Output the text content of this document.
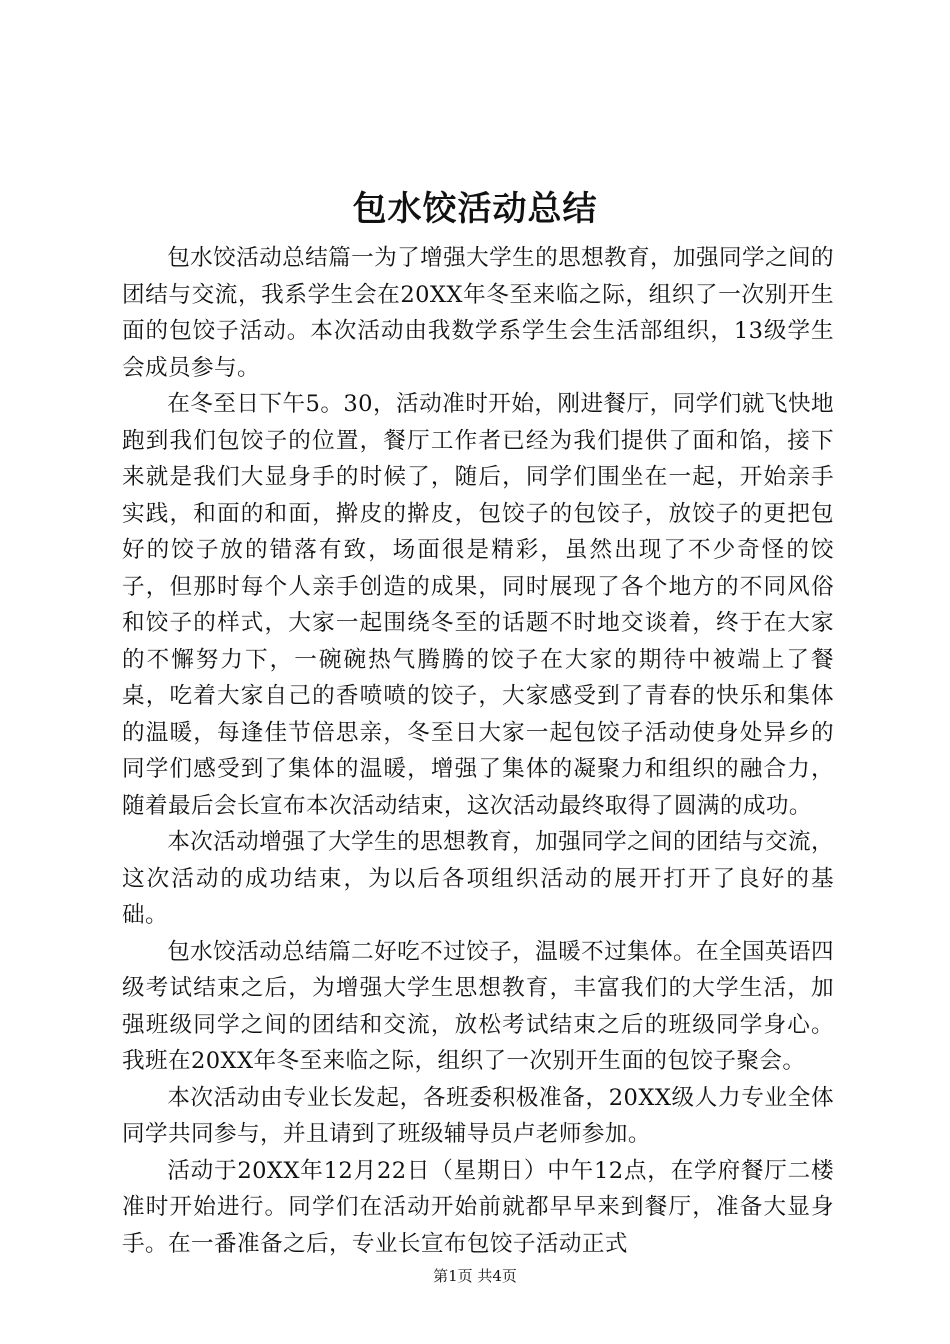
包水饺活动总结

包水饺活动总结篇一为了增强大学生的思想教育，加强同学之间的团结与交流，我系学生会在20XX年冬至来临之际，组织了一次别开生面的包饺子活动。本次活动由我数学系学生会生活部组织，13级学生会成员参与。

在冬至日下午5。30，活动准时开始，刚进餐厅，同学们就飞快地跑到我们包饺子的位置，餐厅工作者已经为我们提供了面和馅，接下来就是我们大显身手的时候了，随后，同学们围坐在一起，开始亲手实践，和面的和面，擀皮的擀皮，包饺子的包饺子，放饺子的更把包好的饺子放的错落有致，场面很是精彩，虽然出现了不少奇怪的饺子，但那时每个人亲手创造的成果，同时展现了各个地方的不同风俗和饺子的样式，大家一起围绕冬至的话题不时地交谈着，终于在大家的不懈努力下，一碗碗热气腾腾的饺子在大家的期待中被端上了餐桌，吃着大家自己的香喷喷的饺子，大家感受到了青春的快乐和集体的温暖，每逢佳节倍思亲，冬至日大家一起包饺子活动使身处异乡的同学们感受到了集体的温暖，增强了集体的凝聚力和组织的融合力，随着最后会长宣布本次活动结束，这次活动最终取得了圆满的成功。

本次活动增强了大学生的思想教育，加强同学之间的团结与交流，这次活动的成功结束，为以后各项组织活动的展开打开了良好的基础。

包水饺活动总结篇二好吃不过饺子，温暖不过集体。在全国英语四级考试结束之后，为增强大学生思想教育，丰富我们的大学生活，加强班级同学之间的团结和交流，放松考试结束之后的班级同学身心。我班在20XX年冬至来临之际，组织了一次别开生面的包饺子聚会。

本次活动由专业长发起，各班委积极准备，20XX级人力专业全体同学共同参与，并且请到了班级辅导员卢老师参加。

活动于20XX年12月22日（星期日）中午12点，在学府餐厅二楼准时开始进行。同学们在活动开始前就都早早来到餐厅，准备大显身手。在一番准备之后，专业长宣布包饺子活动正式

第1页 共4页
